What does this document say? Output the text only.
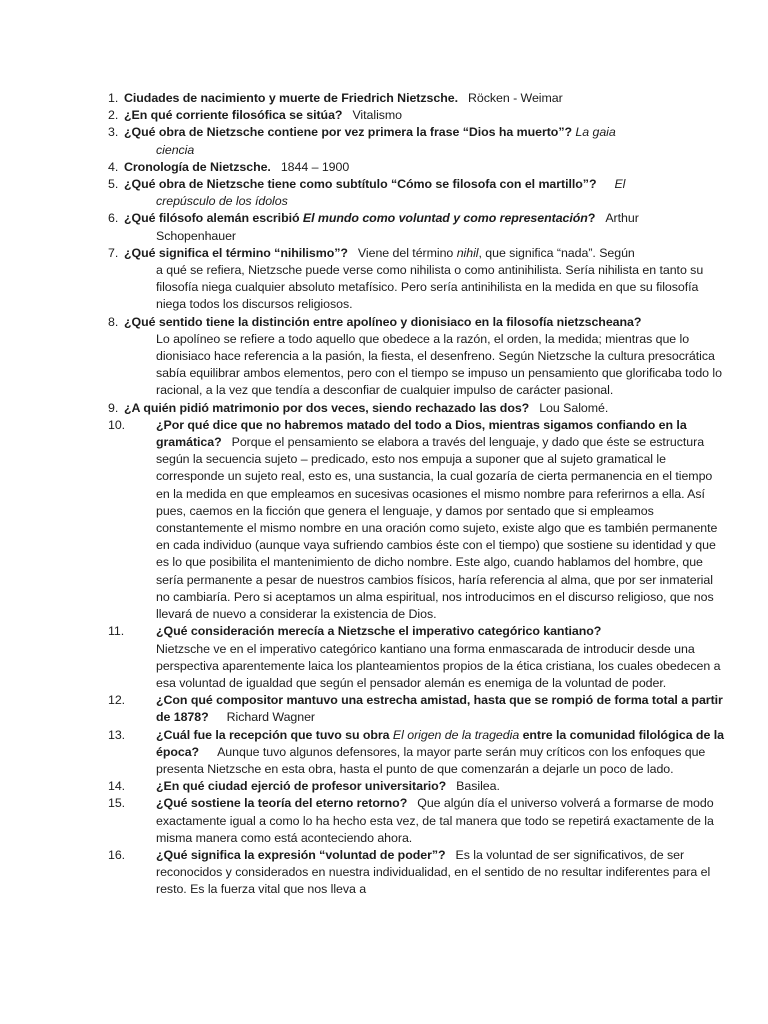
1. Ciudades de nacimiento y muerte de Friedrich Nietzsche. Röcken - Weimar
2. ¿En qué corriente filosófica se sitúa? Vitalismo
3. ¿Qué obra de Nietzsche contiene por vez primera la frase “Dios ha muerto”? La gaia
ciencia
4. Cronología de Nietzsche. 1844 – 1900
5. ¿Qué obra de Nietzsche tiene como subtítulo “Cómo se filosofa con el martillo”? El
crepúsculo de los ídolos
6. ¿Qué filósofo alemán escribió El mundo como voluntad y como representación? Arthur
Schopenhauer
7. ¿Qué significa el término “nihilismo”? Viene del término nihil, que significa “nada”. Según
a qué se refiera, Nietzsche puede verse como nihilista o como antinihilista. Sería nihilista en tanto su filosofía niega cualquier absoluto metafísico. Pero sería antinihilista en la medida en que su filosofía niega todos los discursos religiosos.
8. ¿Qué sentido tiene la distinción entre apolíneo y dionisiaco en la filosofía nietzscheana?
Lo apolíneo se refiere a todo aquello que obedece a la razón, el orden, la medida; mientras que lo dionisiaco hace referencia a la pasión, la fiesta, el desenfreno. Según Nietzsche la cultura presocrática sabía equilibrar ambos elementos, pero con el tiempo se impuso un pensamiento que glorificaba todo lo racional, a la vez que tendía a desconfiar de cualquier impulso de carácter pasional.
9. ¿A quién pidió matrimonio por dos veces, siendo rechazado las dos? Lou Salomé.
10. ¿Por qué dice que no habremos matado del todo a Dios, mientras sigamos confiando en la gramática? Porque el pensamiento se elabora a través del lenguaje, y dado que éste se estructura según la secuencia sujeto – predicado, esto nos empuja a suponer que al sujeto gramatical le corresponde un sujeto real, esto es, una sustancia, la cual gozaría de cierta permanencia en el tiempo en la medida en que empleamos en sucesivas ocasiones el mismo nombre para referirnos a ella. Así pues, caemos en la ficción que genera el lenguaje, y damos por sentado que si empleamos constantemente el mismo nombre en una oración como sujeto, existe algo que es también permanente en cada individuo (aunque vaya sufriendo cambios éste con el tiempo) que sostiene su identidad y que es lo que posibilita el mantenimiento de dicho nombre. Este algo, cuando hablamos del hombre, que sería permanente a pesar de nuestros cambios físicos, haría referencia al alma, que por ser inmaterial no cambiaría. Pero si aceptamos un alma espiritual, nos introducimos en el discurso religioso, que nos llevará de nuevo a considerar la existencia de Dios.
11.	¿Qué consideración merecía a Nietzsche el imperativo categórico kantiano?
Nietzsche ve en el imperativo categórico kantiano una forma enmascarada de introducir desde una perspectiva aparentemente laica los planteamientos propios de la ética cristiana, los cuales obedecen a esa voluntad de igualdad que según el pensador alemán es enemiga de la voluntad de poder.
12. ¿Con qué compositor mantuvo una estrecha amistad, hasta que se rompió de forma total a partir de 1878? Richard Wagner
13. ¿Cuál fue la recepción que tuvo su obra El origen de la tragedia entre la comunidad filológica de la época? Aunque tuvo algunos defensores, la mayor parte serán muy críticos con los enfoques que presenta Nietzsche en esta obra, hasta el punto de que comenzarán a dejarle un poco de lado.
14. ¿En qué ciudad ejerció de profesor universitario? Basilea.
15. ¿Qué sostiene la teoría del eterno retorno? Que algún día el universo volverá a formarse de modo exactamente igual a como lo ha hecho esta vez, de tal manera que todo se repetirá exactamente de la misma manera como está aconteciendo ahora.
16. ¿Qué significa la expresión “voluntad de poder”? Es la voluntad de ser significativos, de ser reconocidos y considerados en nuestra individualidad, en el sentido de no resultar indiferentes para el resto. Es la fuerza vital que nos lleva a
